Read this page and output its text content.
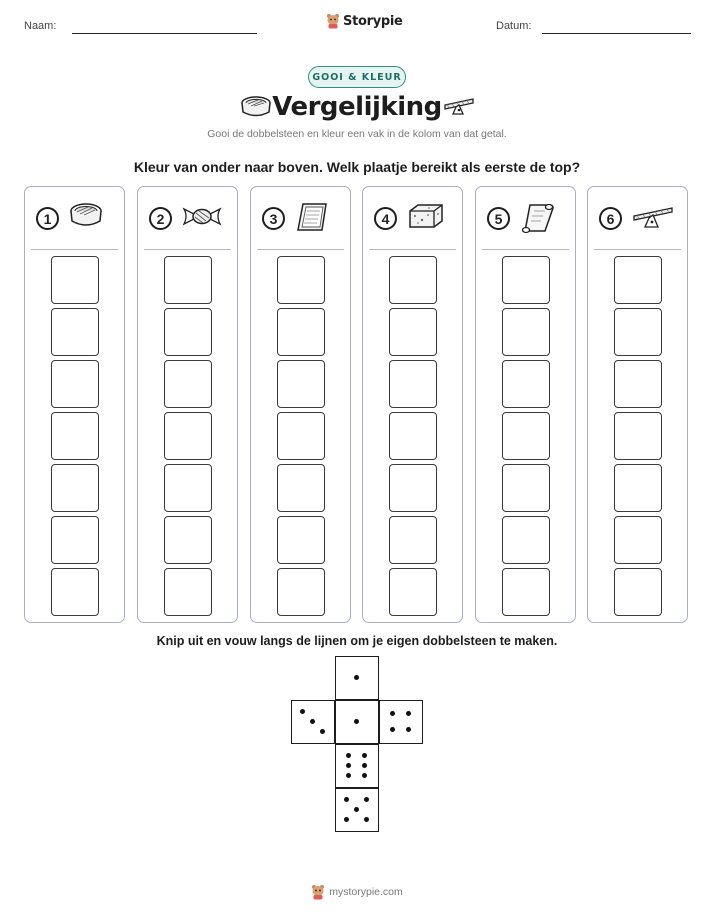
Naam:	Storypie	Datum:
GOOI & KLEUR
Vergelijking
Gooi de dobbelsteen en kleur een vak in de kolom van dat getal.
Kleur van onder naar boven. Welk plaatje bereikt als eerste de top?
1	2	3	4	5	6
Knip uit en vouw langs de lijnen om je eigen dobbelsteen te maken.
mystorypie.com
